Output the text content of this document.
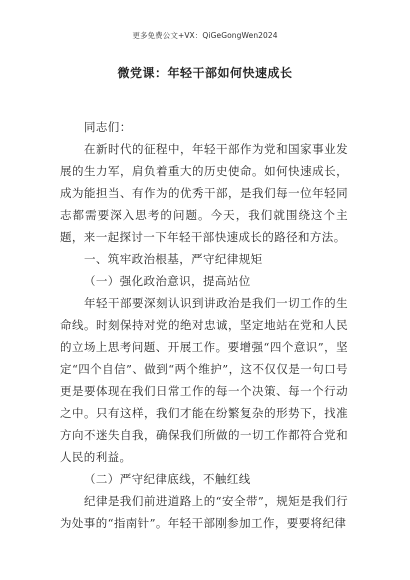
更多免费公文+VX：QiGeGongWen2024
微党课：年轻干部如何快速成长

同志们：

在新时代的征程中，年轻干部作为党和国家事业发展的生力军，肩负着重大的历史使命。如何快速成长，成为能担当、有作为的优秀干部，是我们每一位年轻同志都需要深入思考的问题。今天，我们就围绕这个主题，来一起探讨一下年轻干部快速成长的路径和方法。

一、筑牢政治根基，严守纪律规矩

（一）强化政治意识，提高站位

年轻干部要深刻认识到讲政治是我们一切工作的生命线。时刻保持对党的绝对忠诚，坚定地站在党和人民的立场上思考问题、开展工作。要增强“四个意识”，坚定“四个自信”、做到“两个维护”，这不仅仅是一句口号更是要体现在我们日常工作的每一个决策、每一个行动之中。只有这样，我们才能在纷繁复杂的形势下，找准方向不迷失自我，确保我们所做的一切工作都符合党和人民的利益。

（二）严守纪律底线，不触红线

纪律是我们前进道路上的“安全带”，规矩是我们行为处事的“指南针”。年轻干部刚参加工作，要要将纪律
